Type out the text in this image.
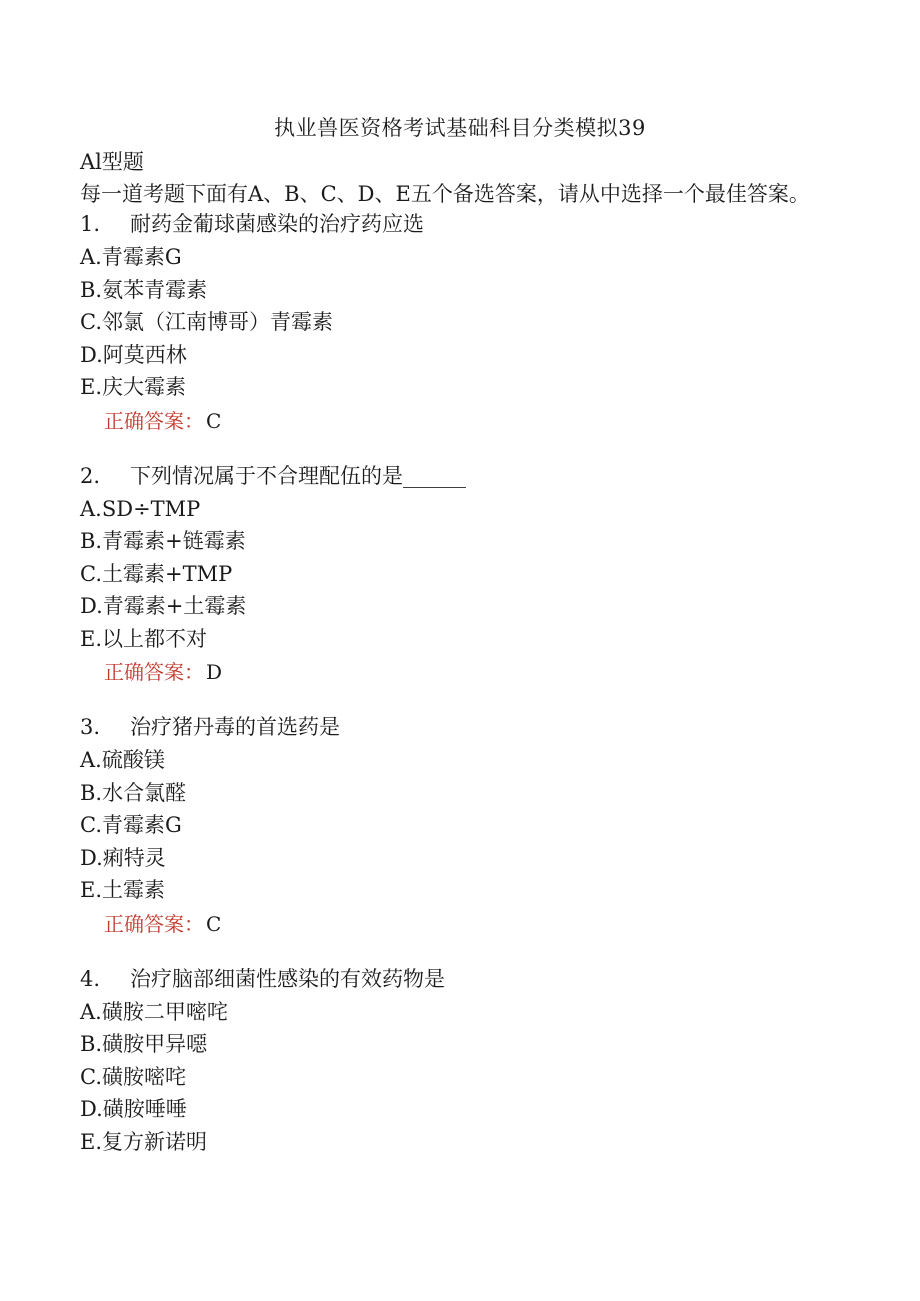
执业兽医资格考试基础科目分类模拟39
Al型题
每一道考题下面有A、B、C、D、E五个备选答案，请从中选择一个最佳答案。
1. 耐药金葡球菌感染的治疗药应选
A.青霉素G
B.氨苯青霉素
C.邻氯（江南博哥）青霉素
D.阿莫西林
E.庆大霉素
正确答案： C
2. 下列情况属于不合理配伍的是______
A.SD÷TMP
B.青霉素+链霉素
C.土霉素+TMP
D.青霉素+土霉素
E.以上都不对
正确答案： D
3. 治疗猪丹毒的首选药是
A.硫酸镁
B.水合氯醛
C.青霉素G
D.痢特灵
E.土霉素
正确答案： C
4. 治疗脑部细菌性感染的有效药物是
A.磺胺二甲嘧咤
B.磺胺甲异噁
C.磺胺嘧咤
D.磺胺唾唾
E.复方新诺明
